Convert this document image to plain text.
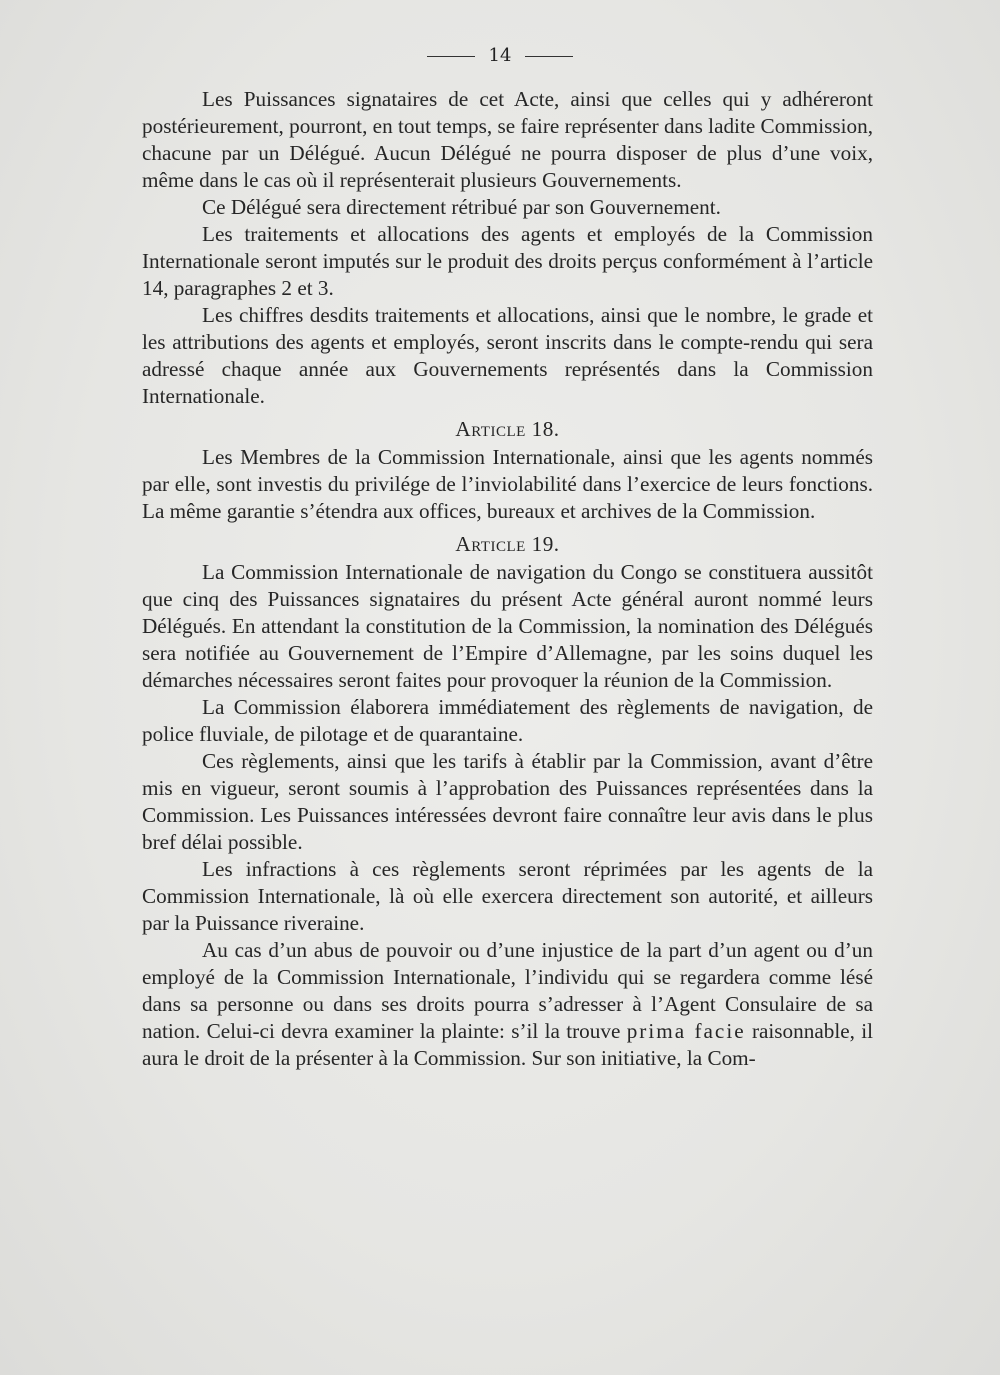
14

Les Puissances signataires de cet Acte, ainsi que celles qui y adhéreront postérieurement, pourront, en tout temps, se faire représenter dans ladite Commission, chacune par un Délégué. Aucun Délégué ne pourra disposer de plus d’une voix, même dans le cas où il représenterait plusieurs Gouvernements.

Ce Délégué sera directement rétribué par son Gouvernement.

Les traitements et allocations des agents et employés de la Commission Internationale seront imputés sur le produit des droits perçus conformément à l’article 14, paragraphes 2 et 3.

Les chiffres desdits traitements et allocations, ainsi que le nombre, le grade et les attributions des agents et employés, seront inscrits dans le compte-rendu qui sera adressé chaque année aux Gouvernements représentés dans la Commission Internationale.

Article 18.

Les Membres de la Commission Internationale, ainsi que les agents nommés par elle, sont investis du privilége de l’inviolabilité dans l’exercice de leurs fonctions. La même garantie s’étendra aux offices, bureaux et archives de la Commission.

Article 19.

La Commission Internationale de navigation du Congo se constituera aussitôt que cinq des Puissances signataires du présent Acte général auront nommé leurs Délégués. En attendant la constitution de la Commission, la nomination des Délégués sera notifiée au Gouvernement de l’Empire d’Allemagne, par les soins duquel les démarches nécessaires seront faites pour provoquer la réunion de la Commission.

La Commission élaborera immédiatement des règlements de navigation, de police fluviale, de pilotage et de quarantaine.

Ces règlements, ainsi que les tarifs à établir par la Commission, avant d’être mis en vigueur, seront soumis à l’approbation des Puissances représentées dans la Commission. Les Puissances intéressées devront faire connaître leur avis dans le plus bref délai possible.

Les infractions à ces règlements seront réprimées par les agents de la Commission Internationale, là où elle exercera directement son autorité, et ailleurs par la Puissance riveraine.

Au cas d’un abus de pouvoir ou d’une injustice de la part d’un agent ou d’un employé de la Commission Internationale, l’individu qui se regardera comme lésé dans sa personne ou dans ses droits pourra s’adresser à l’Agent Consulaire de sa nation. Celui-ci devra examiner la plainte: s’il la trouve prima facie raisonnable, il aura le droit de la présenter à la Commission. Sur son initiative, la Com-
